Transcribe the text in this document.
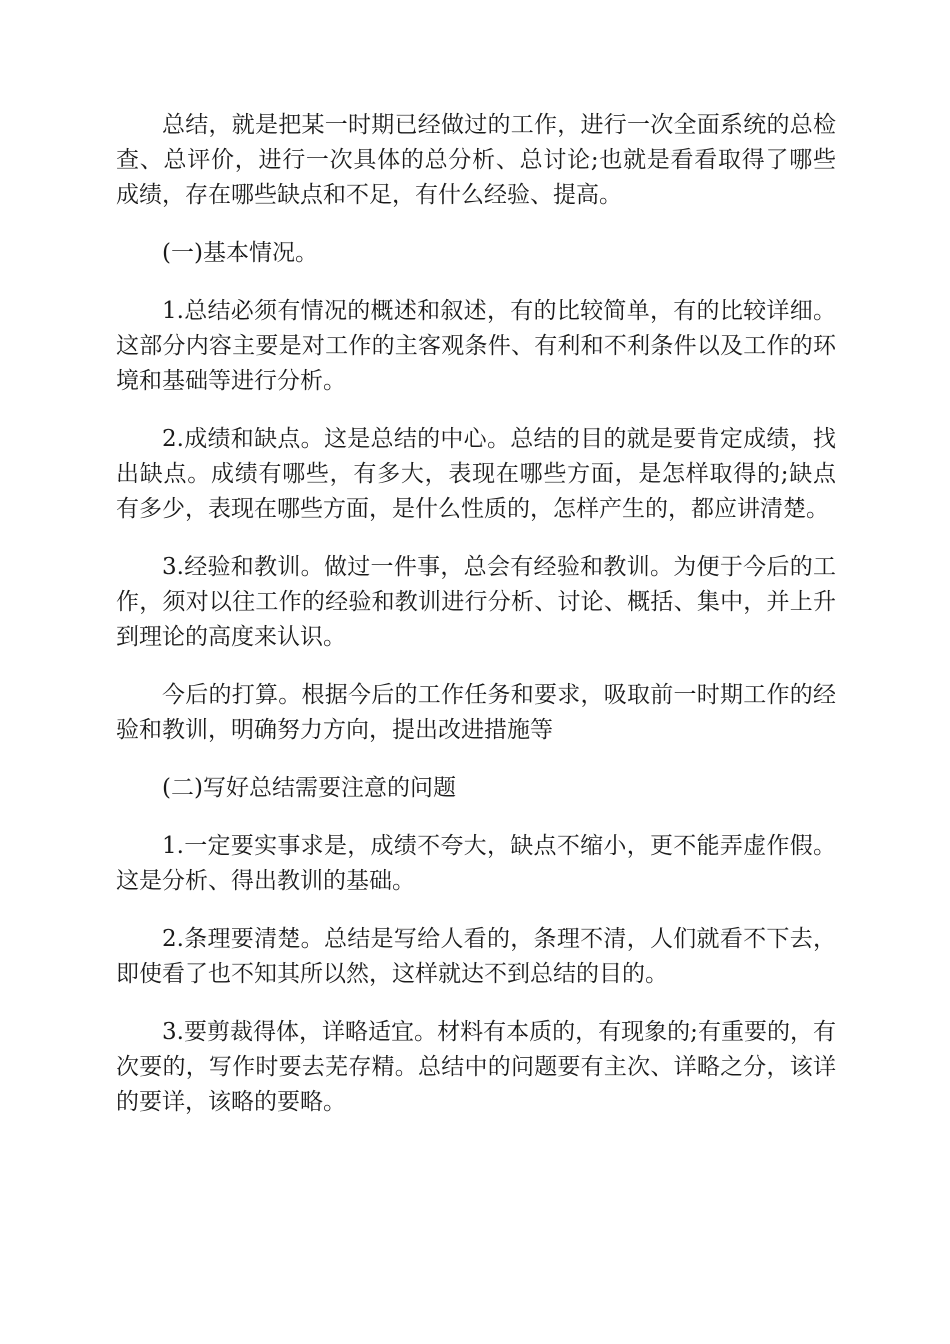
总结，就是把某一时期已经做过的工作，进行一次全面系统的总检查、总评价，进行一次具体的总分析、总讨论;也就是看看取得了哪些成绩，存在哪些缺点和不足，有什么经验、提高。

(一)基本情况。

1.总结必须有情况的概述和叙述，有的比较简单，有的比较详细。这部分内容主要是对工作的主客观条件、有利和不利条件以及工作的环境和基础等进行分析。

2.成绩和缺点。这是总结的中心。总结的目的就是要肯定成绩，找出缺点。成绩有哪些，有多大，表现在哪些方面，是怎样取得的;缺点有多少，表现在哪些方面，是什么性质的，怎样产生的，都应讲清楚。

3.经验和教训。做过一件事，总会有经验和教训。为便于今后的工作，须对以往工作的经验和教训进行分析、讨论、概括、集中，并上升到理论的高度来认识。

今后的打算。根据今后的工作任务和要求，吸取前一时期工作的经验和教训，明确努力方向，提出改进措施等

(二)写好总结需要注意的问题

1.一定要实事求是，成绩不夸大，缺点不缩小，更不能弄虚作假。这是分析、得出教训的基础。

2.条理要清楚。总结是写给人看的，条理不清，人们就看不下去，即使看了也不知其所以然，这样就达不到总结的目的。

3.要剪裁得体，详略适宜。材料有本质的，有现象的;有重要的，有次要的，写作时要去芜存精。总结中的问题要有主次、详略之分，该详的要详，该略的要略。
